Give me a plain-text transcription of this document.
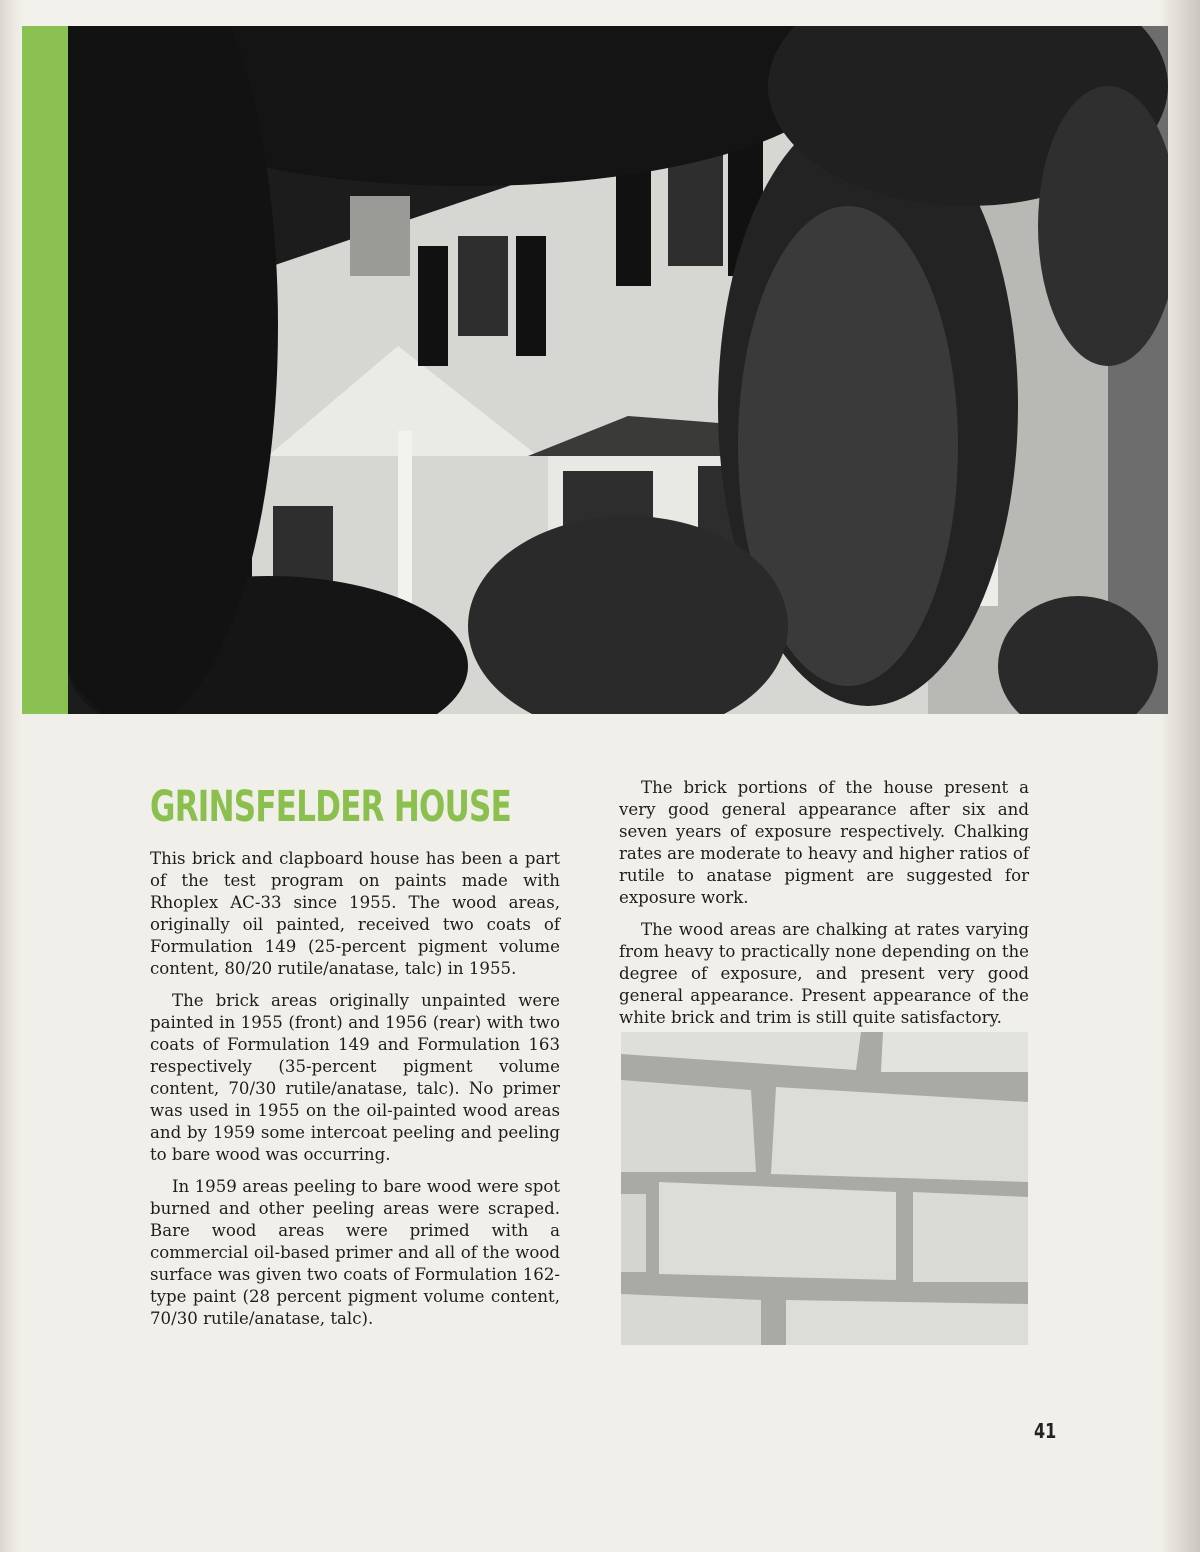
GRINSFELDER HOUSE

This brick and clapboard house has been a part of the test program on paints made with Rhoplex AC-33 since 1955. The wood areas, originally oil painted, received two coats of Formulation 149 (25-percent pigment volume content, 80/20 rutile/anatase, talc) in 1955.

The brick areas originally unpainted were painted in 1955 (front) and 1956 (rear) with two coats of Formulation 149 and Formulation 163 respectively (35-percent pigment volume content, 70/30 rutile/anatase, talc). No primer was used in 1955 on the oil-painted wood areas and by 1959 some intercoat peeling and peeling to bare wood was occurring.

In 1959 areas peeling to bare wood were spot burned and other peeling areas were scraped. Bare wood areas were primed with a commercial oil-based primer and all of the wood surface was given two coats of Formulation 162-type paint (28 percent pigment volume content, 70/30 rutile/anatase, talc).

The brick portions of the house present a very good general appearance after six and seven years of exposure respectively. Chalking rates are moderate to heavy and higher ratios of rutile to anatase pigment are suggested for exposure work.

The wood areas are chalking at rates varying from heavy to practically none depending on the degree of exposure, and present very good general appearance. Present appearance of the white brick and trim is still quite satisfactory.

41
